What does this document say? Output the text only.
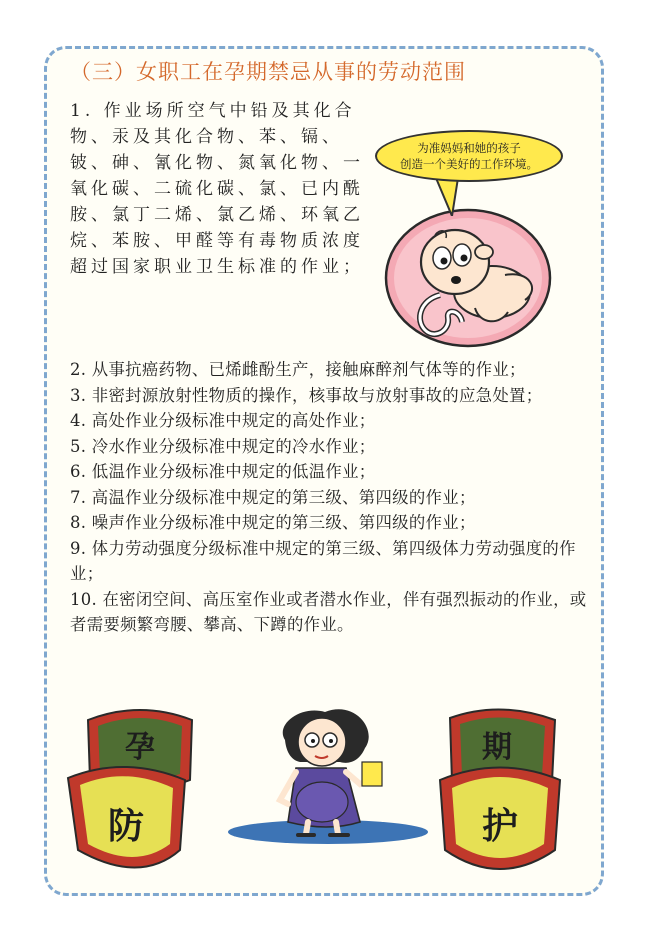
（三）女职工在孕期禁忌从事的劳动范围

1. 作业场所空气中铅及其化合物、汞及其化合物、苯、镉、铍、砷、氰化物、氮氧化物、一氧化碳、二硫化碳、氯、已内酰胺、氯丁二烯、氯乙烯、环氧乙烷、苯胺、甲醛等有毒物质浓度超过国家职业卫生标准的作业；

为准妈妈和她的孩子
创造一个美好的工作环境。
2. 从事抗癌药物、已烯雌酚生产，接触麻醉剂气体等的作业；
3. 非密封源放射性物质的操作，核事故与放射事故的应急处置；
4. 高处作业分级标准中规定的高处作业；
5. 冷水作业分级标准中规定的冷水作业；
6. 低温作业分级标准中规定的低温作业；
7. 高温作业分级标准中规定的第三级、第四级的作业；
8. 噪声作业分级标准中规定的第三级、第四级的作业；
9. 体力劳动强度分级标准中规定的第三级、第四级体力劳动强度的作业；
10. 在密闭空间、高压室作业或者潜水作业，伴有强烈振动的作业，或者需要频繁弯腰、攀高、下蹲的作业。
孕
防
期
护
